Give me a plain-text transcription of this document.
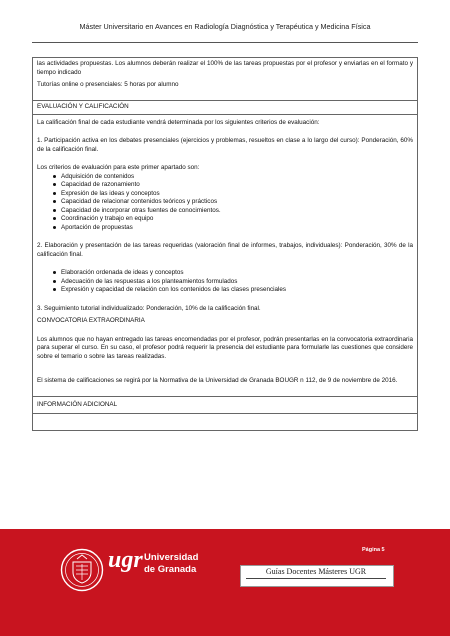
Máster Universitario en Avances en Radiología Diagnóstica y Terapéutica y Medicina Física

las actividades propuestas. Los alumnos deberán realizar el 100% de las tareas propuestas por el profesor y enviarlas en el formato y tiempo indicado

Tutorías online o presenciales: 5 horas por alumno

EVALUACIÓN Y CALIFICACIÓN

La calificación final de cada estudiante vendrá determinada por los siguientes criterios de evaluación:

1. Participación activa en los debates presenciales (ejercicios y problemas, resueltos en clase a lo largo del curso): Ponderación, 60% de la calificación final.

Los criterios de evaluación para este primer apartado son:

Adquisición de contenidos
Capacidad de razonamiento
Expresión de las ideas y conceptos
Capacidad de relacionar contenidos teóricos y prácticos
Capacidad de incorporar otras fuentes de conocimientos.
Coordinación y trabajo en equipo
Aportación de propuestas

2. Elaboración y presentación de las tareas requeridas (valoración final de informes, trabajos, individuales): Ponderación, 30% de la calificación final.

Elaboración ordenada de ideas y conceptos
Adecuación de las respuestas a los planteamientos formulados
Expresión y capacidad de relación con los contenidos de las clases presenciales

3. Seguimiento tutorial individualizado: Ponderación, 10% de la calificación final.

CONVOCATORIA EXTRAORDINARIA

Los alumnos que no hayan entregado las tareas encomendadas por el profesor, podrán presentarlas en la convocatoria extraordinaria para superar el curso. En su caso, el profesor podrá requerir la presencia del estudiante para formularle las cuestiones que considere sobre el temario o sobre las tareas realizadas.

El sistema de calificaciones se regirá por la Normativa de la Universidad de Granada BOUGR n 112, de 9 de noviembre de 2016.

INFORMACIÓN ADICIONAL

ugr Universidad
de Granada
Página 5
Guías Docentes Másteres UGR
